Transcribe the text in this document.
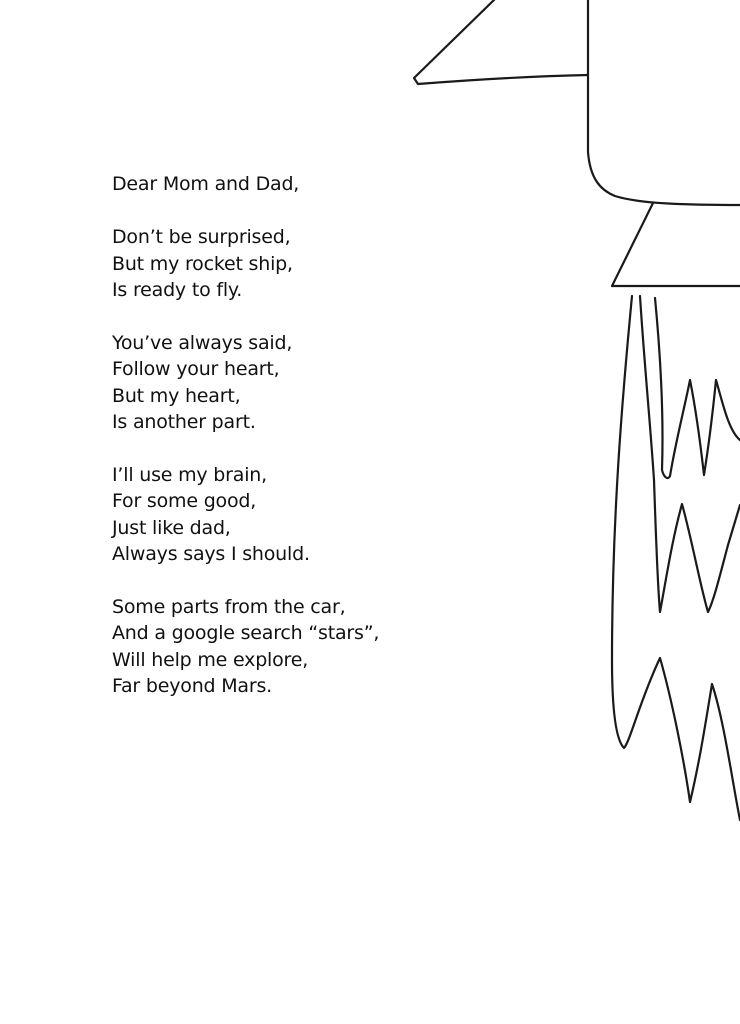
Dear Mom and Dad,
Don’t be surprised,
But my rocket ship,
Is ready to fly.
You’ve always said,
Follow your heart,
But my heart,
Is another part.
I’ll use my brain,
For some good,
Just like dad,
Always says I should.
Some parts from the car,
And a google search “stars”,
Will help me explore,
Far beyond Mars.
